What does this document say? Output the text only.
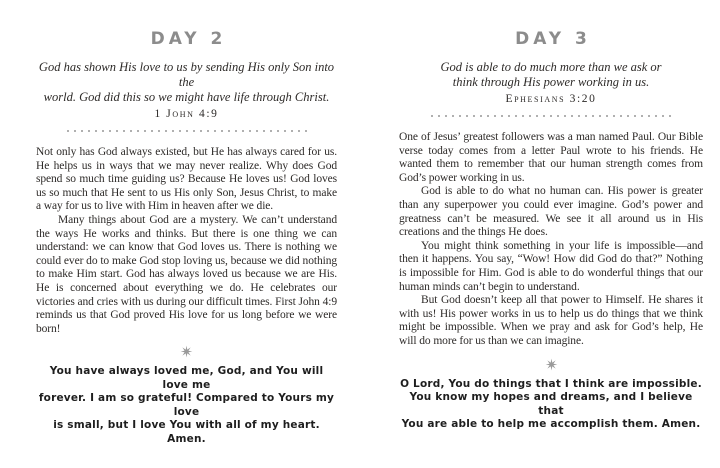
DAY 2
God has shown His love to us by sending His only Son into the
world. God did this so we might have life through Christ.
1 John 4:9

Not only has God always existed, but He has always cared for us. He helps us in ways that we may never realize. Why does God spend so much time guiding us? Because He loves us! God loves us so much that He sent to us His only Son, Jesus Christ, to make a way for us to live with Him in heaven after we die.

Many things about God are a mystery. We can’t understand the ways He works and thinks. But there is one thing we can understand: we can know that God loves us. There is nothing we could ever do to make God stop loving us, because we did nothing to make Him start. God has always loved us because we are His. He is concerned about everything we do. He celebrates our victories and cries with us during our difficult times. First John 4:9 reminds us that God proved His love for us long before we were born!

You have always loved me, God, and You will love me
forever. I am so grateful! Compared to Yours my love
is small, but I love You with all of my heart. Amen.
DAY 3
God is able to do much more than we ask or
think through His power working in us.
Ephesians 3:20

One of Jesus’ greatest followers was a man named Paul. Our Bible verse today comes from a letter Paul wrote to his friends. He wanted them to remember that our human strength comes from God’s power working in us.

God is able to do what no human can. His power is greater than any superpower you could ever imagine. God’s power and greatness can’t be measured. We see it all around us in His creations and the things He does.

You might think something in your life is impossible—and then it happens. You say, “Wow! How did God do that?” Nothing is impossible for Him. God is able to do wonderful things that our human minds can’t begin to understand.

But God doesn’t keep all that power to Himself. He shares it with us! His power works in us to help us do things that we think might be impossible. When we pray and ask for God’s help, He will do more for us than we can imagine.

O Lord, You do things that I think are impossible.
You know my hopes and dreams, and I believe that
You are able to help me accomplish them. Amen.
